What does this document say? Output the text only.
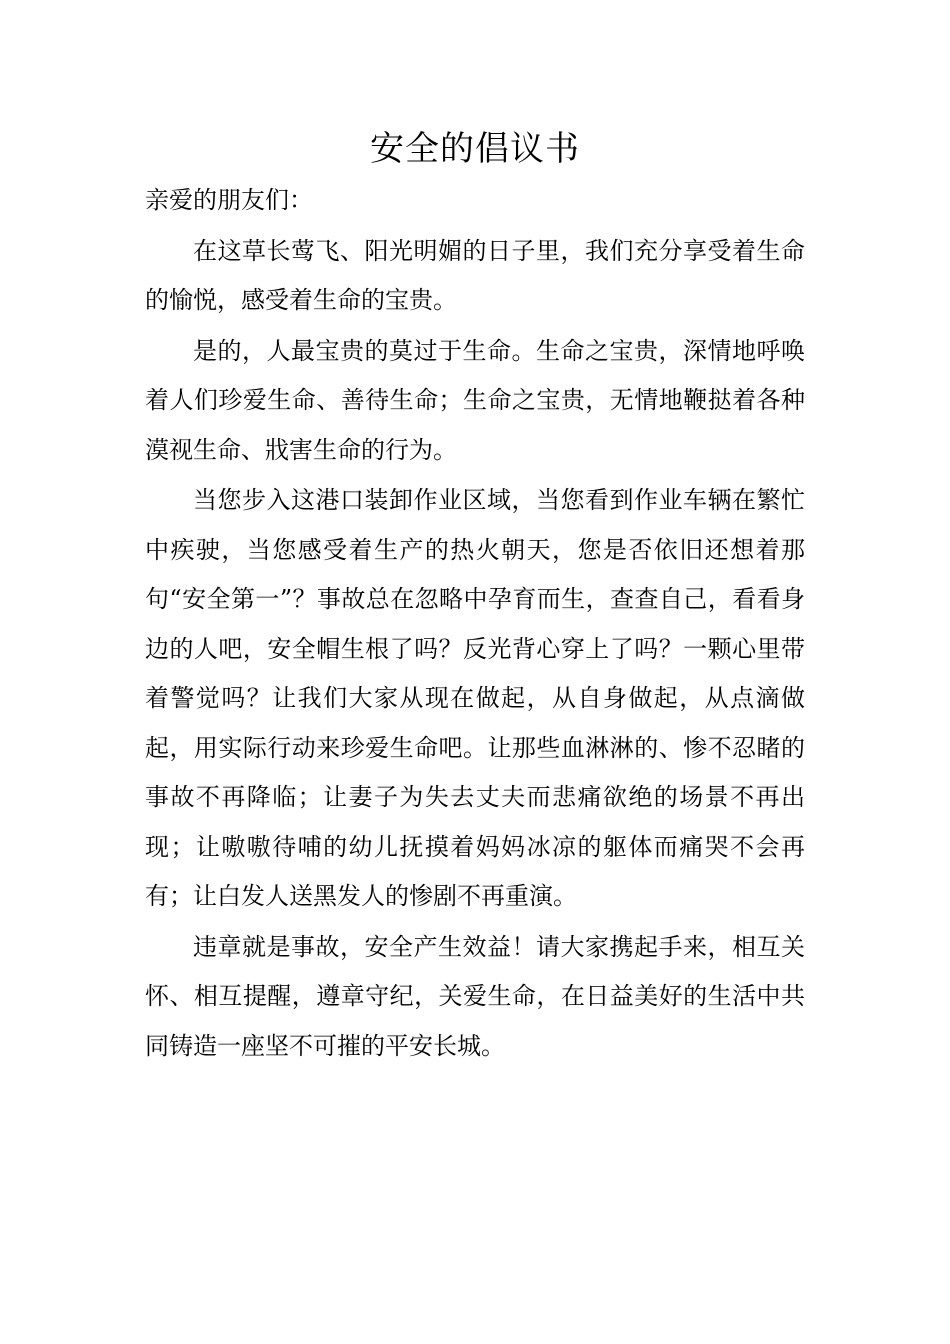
安全的倡议书

亲爱的朋友们：

在这草长莺飞、阳光明媚的日子里，我们充分享受着生命的愉悦，感受着生命的宝贵。

是的，人最宝贵的莫过于生命。生命之宝贵，深情地呼唤着人们珍爱生命、善待生命；生命之宝贵，无情地鞭挞着各种漠视生命、戕害生命的行为。

当您步入这港口装卸作业区域，当您看到作业车辆在繁忙中疾驶，当您感受着生产的热火朝天，您是否依旧还想着那句“安全第一”？事故总在忽略中孕育而生，查查自己，看看身边的人吧，安全帽生根了吗？反光背心穿上了吗？一颗心里带着警觉吗？让我们大家从现在做起，从自身做起，从点滴做起，用实际行动来珍爱生命吧。让那些血淋淋的、惨不忍睹的事故不再降临；让妻子为失去丈夫而悲痛欲绝的场景不再出现；让嗷嗷待哺的幼儿抚摸着妈妈冰凉的躯体而痛哭不会再有；让白发人送黑发人的惨剧不再重演。

违章就是事故，安全产生效益！请大家携起手来，相互关怀、相互提醒，遵章守纪，关爱生命，在日益美好的生活中共同铸造一座坚不可摧的平安长城。
